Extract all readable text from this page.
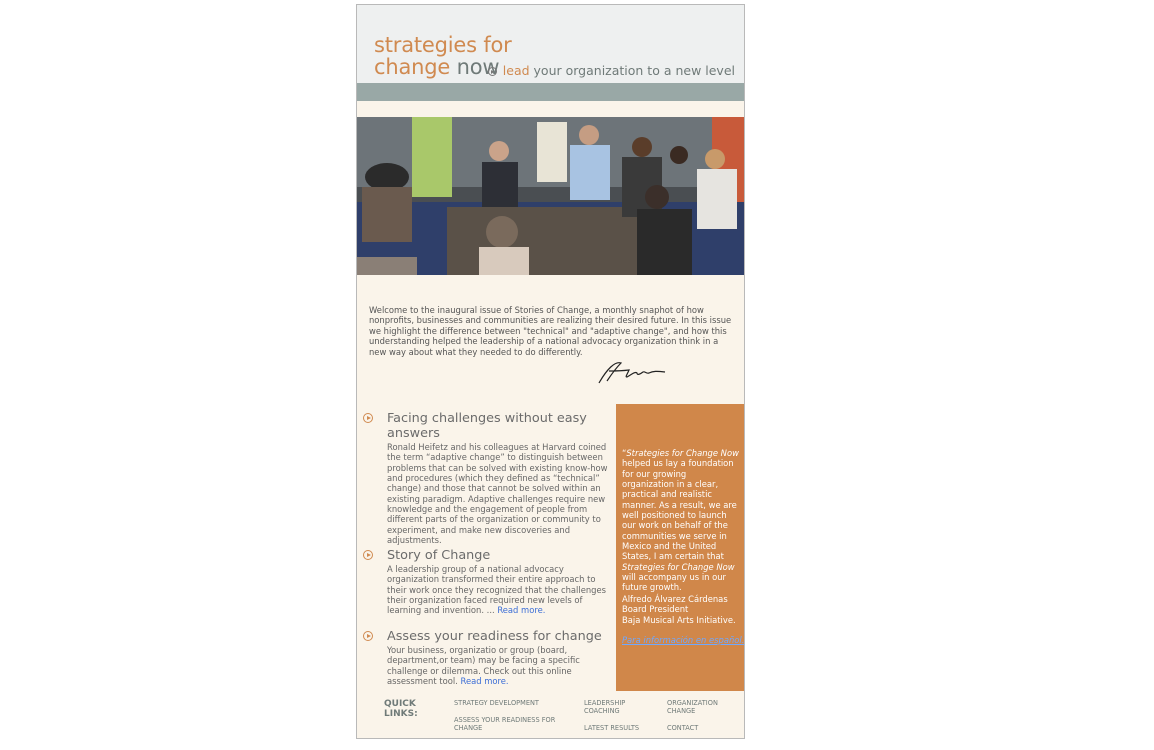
strategies for
change now lead your organization to a new level
Welcome to the inaugural issue of Stories of Change, a monthly snaphot of how nonprofits, businesses and communities are realizing their desired future. In this issue we highlight the difference between "technical" and "adaptive change", and how this understanding helped the leadership of a national advocacy organization think in a new way about what they needed to do differently.
Facing challenges without easy answers
Ronald Heifetz and his colleagues at Harvard coined the term “adaptive change” to distinguish between problems that can be solved with existing know-how and procedures (which they defined as “technical” change) and those that cannot be solved within an existing paradigm. Adaptive challenges require new knowledge and the engagement of people from different parts of the organization or community to experiment, and make new discoveries and adjustments.
Story of Change
A leadership group of a national advocacy organization transformed their entire approach to their work once they recognized that the challenges their organization faced required new levels of learning and invention. ... Read more.
Assess your readiness for change
Your business, organizatio or group (board, department,or team) may be facing a specific challenge or dilemma. Check out this online assessment tool. Read more.
“Strategies for Change Now helped us lay a foundation for our growing organization in a clear, practical and realistic manner. As a result, we are well positioned to launch our work on behalf of the communities we serve in Mexico and the United States, I am certain that Strategies for Change Now will accompany us in our future growth.
Alfredo Álvarez Cárdenas
Board President
Baja Musical Arts Initiative.
Para información en español.
QUICK
LINKS:
STRATEGY DEVELOPMENT
ASSESS YOUR READINESS FOR CHANGE
LEADERSHIP COACHING
LATEST RESULTS
ORGANIZATION CHANGE
CONTACT
